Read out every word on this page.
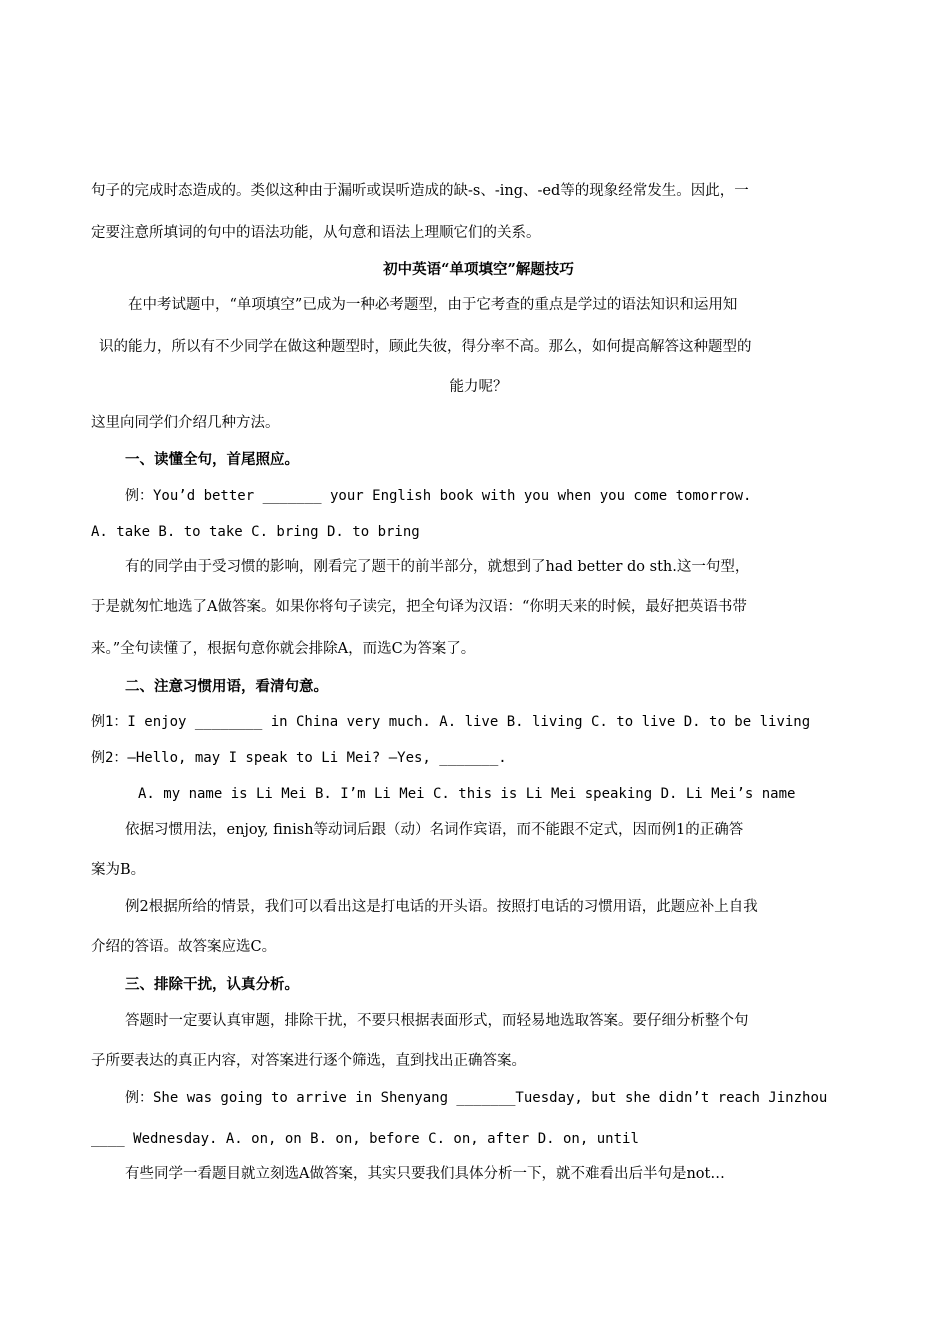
句子的完成时态造成的。类似这种由于漏听或误听造成的缺-s、-ing、-ed等的现象经常发生。因此，一
定要注意所填词的句中的语法功能，从句意和语法上理顺它们的关系。
初中英语“单项填空”解题技巧
在中考试题中，“单项填空”已成为一种必考题型，由于它考查的重点是学过的语法知识和运用知
识的能力，所以有不少同学在做这种题型时，顾此失彼，得分率不高。那么，如何提高解答这种题型的
能力呢？
这里向同学们介绍几种方法。
一、读懂全句，首尾照应。
例：You’d better _______ your English book with you when you come tomorrow.
A. take B. to take C. bring D. to bring
有的同学由于受习惯的影响，刚看完了题干的前半部分，就想到了had better do sth.这一句型，
于是就匆忙地选了A做答案。如果你将句子读完，把全句译为汉语：“你明天来的时候，最好把英语书带
来。”全句读懂了，根据句意你就会排除A，而选C为答案了。
二、注意习惯用语，看清句意。
例1：I enjoy ________ in China very much. A. live B. living C. to live D. to be living
例2：—Hello, may I speak to Li Mei? —Yes, _______.
A. my name is Li Mei B. I’m Li Mei C. this is Li Mei speaking D. Li Mei’s name
依据习惯用法，enjoy, finish等动词后跟（动）名词作宾语，而不能跟不定式，因而例1的正确答
案为B。
例2根据所给的情景，我们可以看出这是打电话的开头语。按照打电话的习惯用语，此题应补上自我
介绍的答语。故答案应选C。
三、排除干扰，认真分析。
答题时一定要认真审题，排除干扰，不要只根据表面形式，而轻易地选取答案。要仔细分析整个句
子所要表达的真正内容，对答案进行逐个筛选，直到找出正确答案。
例：She was going to arrive in Shenyang _______Tuesday, but she didn’t reach Jinzhou
____ Wednesday. A. on, on B. on, before C. on, after D. on, until
有些同学一看题目就立刻选A做答案，其实只要我们具体分析一下，就不难看出后半句是not…
